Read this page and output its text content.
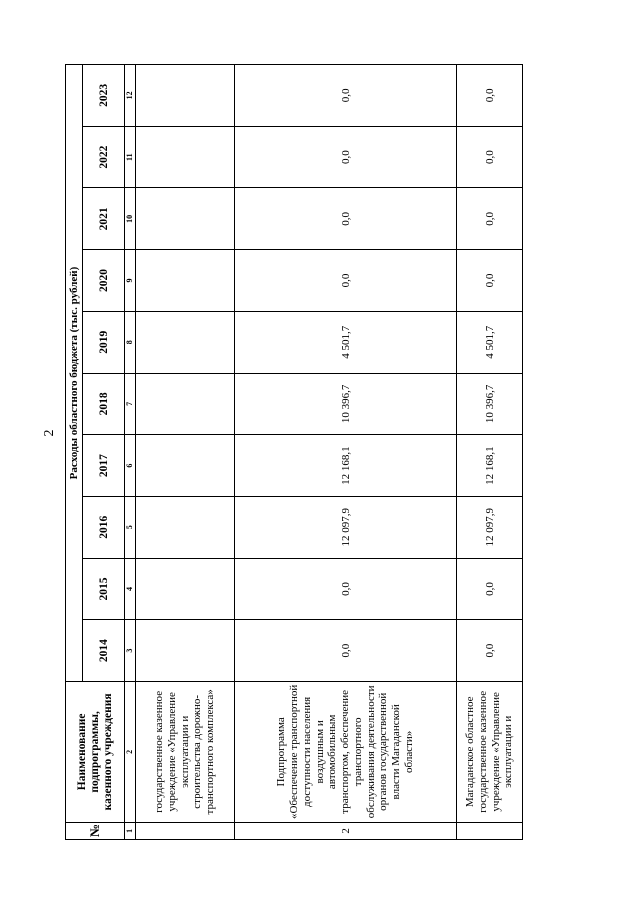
2
№	Наименование подпрограммы, казенного учреждения	Расходы областного бюджета (тыс. рублей)									
		2014	2015	2016	2017	2018	2019	2020	2021	2022	2023
1	2	3	4	5	6	7	8	9	10	11	12
	государственное казенное учреждение «Управление эксплуатации и строительства дорожно-транспортного комплекса»										
2	Подпрограмма «Обеспечение транспортной доступности населения воздушным и автомобильным транспортом, обеспечение транспортного обслуживания деятельности органов государственной власти Магаданской области»	0,0	0,0	12 097,9	12 168,1	10 396,7	4 501,7	0,0	0,0	0,0	0,0
	Магаданское областное государственное казенное учреждение «Управление эксплуатации и	0,0	0,0	12 097,9	12 168,1	10 396,7	4 501,7	0,0	0,0	0,0	0,0
